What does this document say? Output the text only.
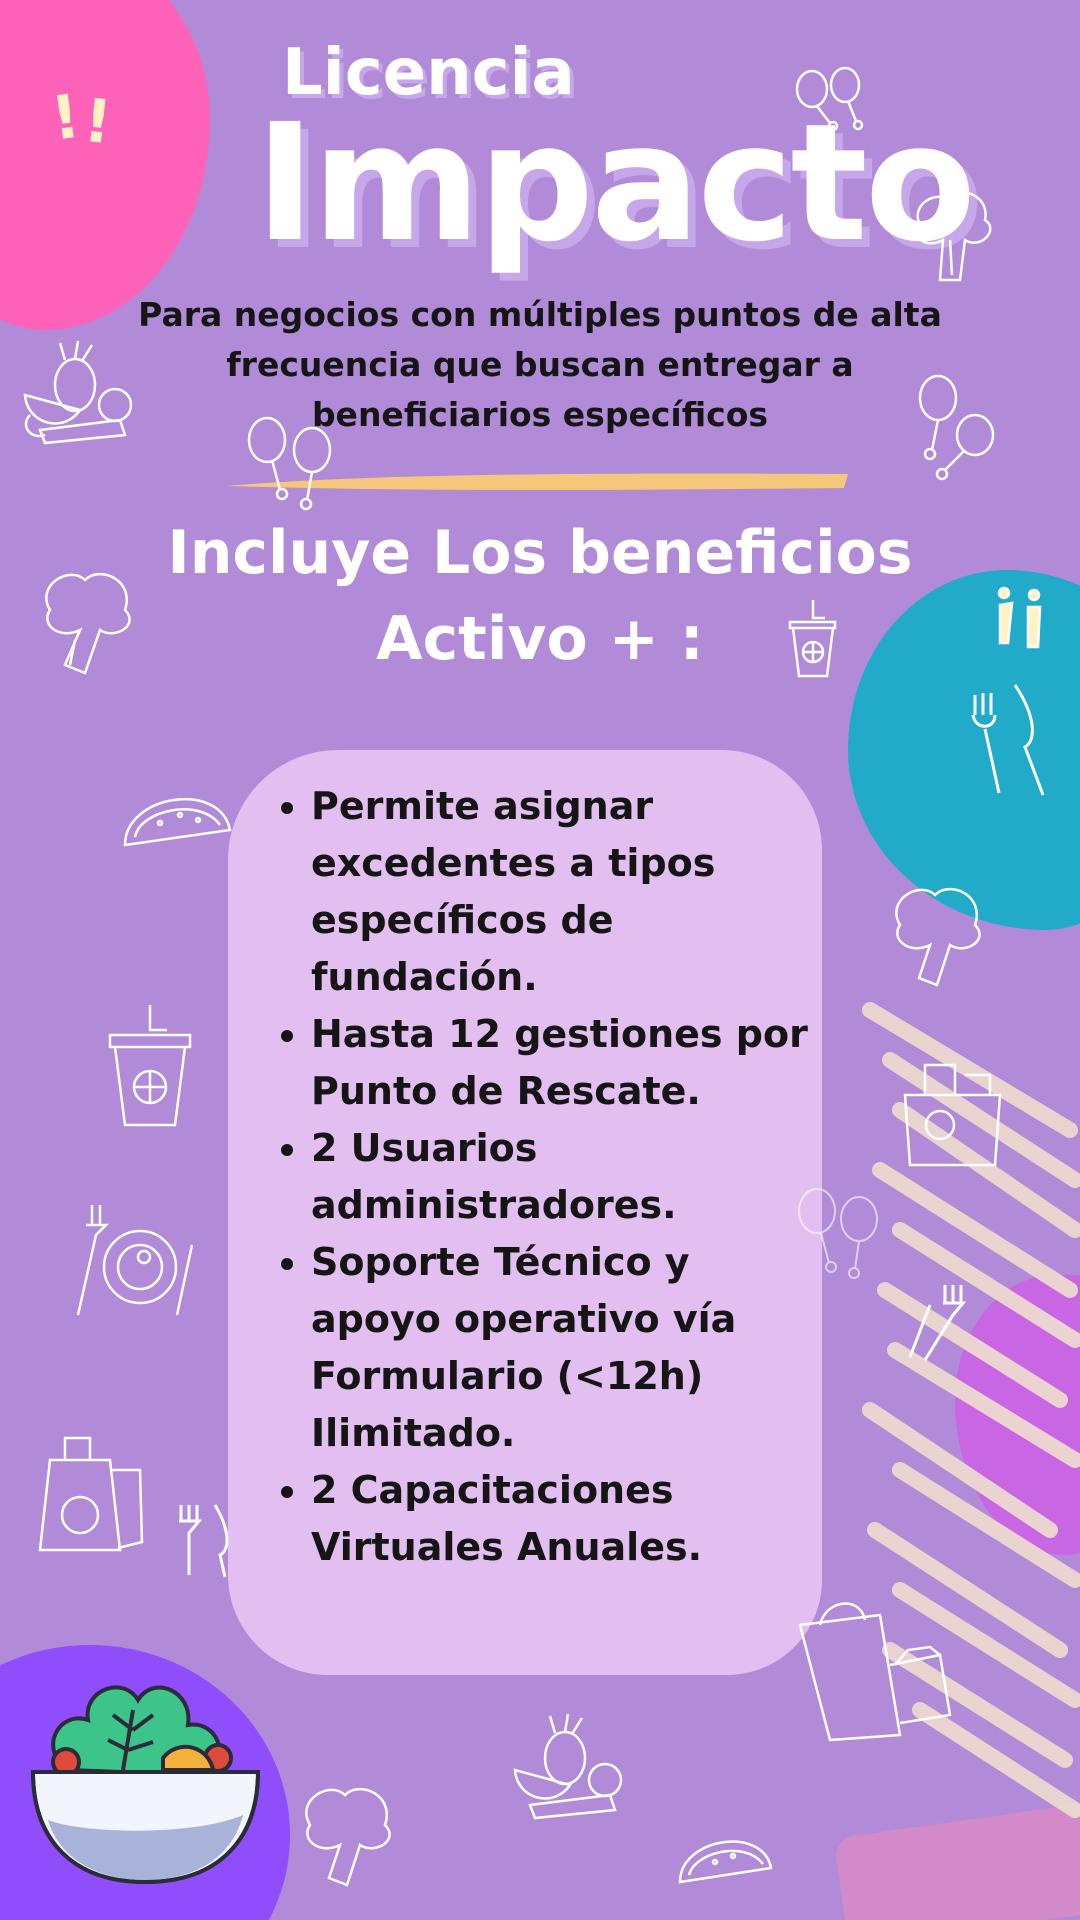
!
!
Licencia
Impacto

Para negocios con múltiples puntos de alta frecuencia que buscan entregar a beneficiarios específicos

Incluye Los beneficios
Activo + :
• Permite asignar excedentes a tipos específicos de fundación.
• Hasta 12 gestiones por Punto de Rescate.
• 2 Usuarios administradores.
• Soporte Técnico y apoyo operativo vía Formulario (<12h) Ilimitado.
• 2 Capacitaciones Virtuales Anuales.
